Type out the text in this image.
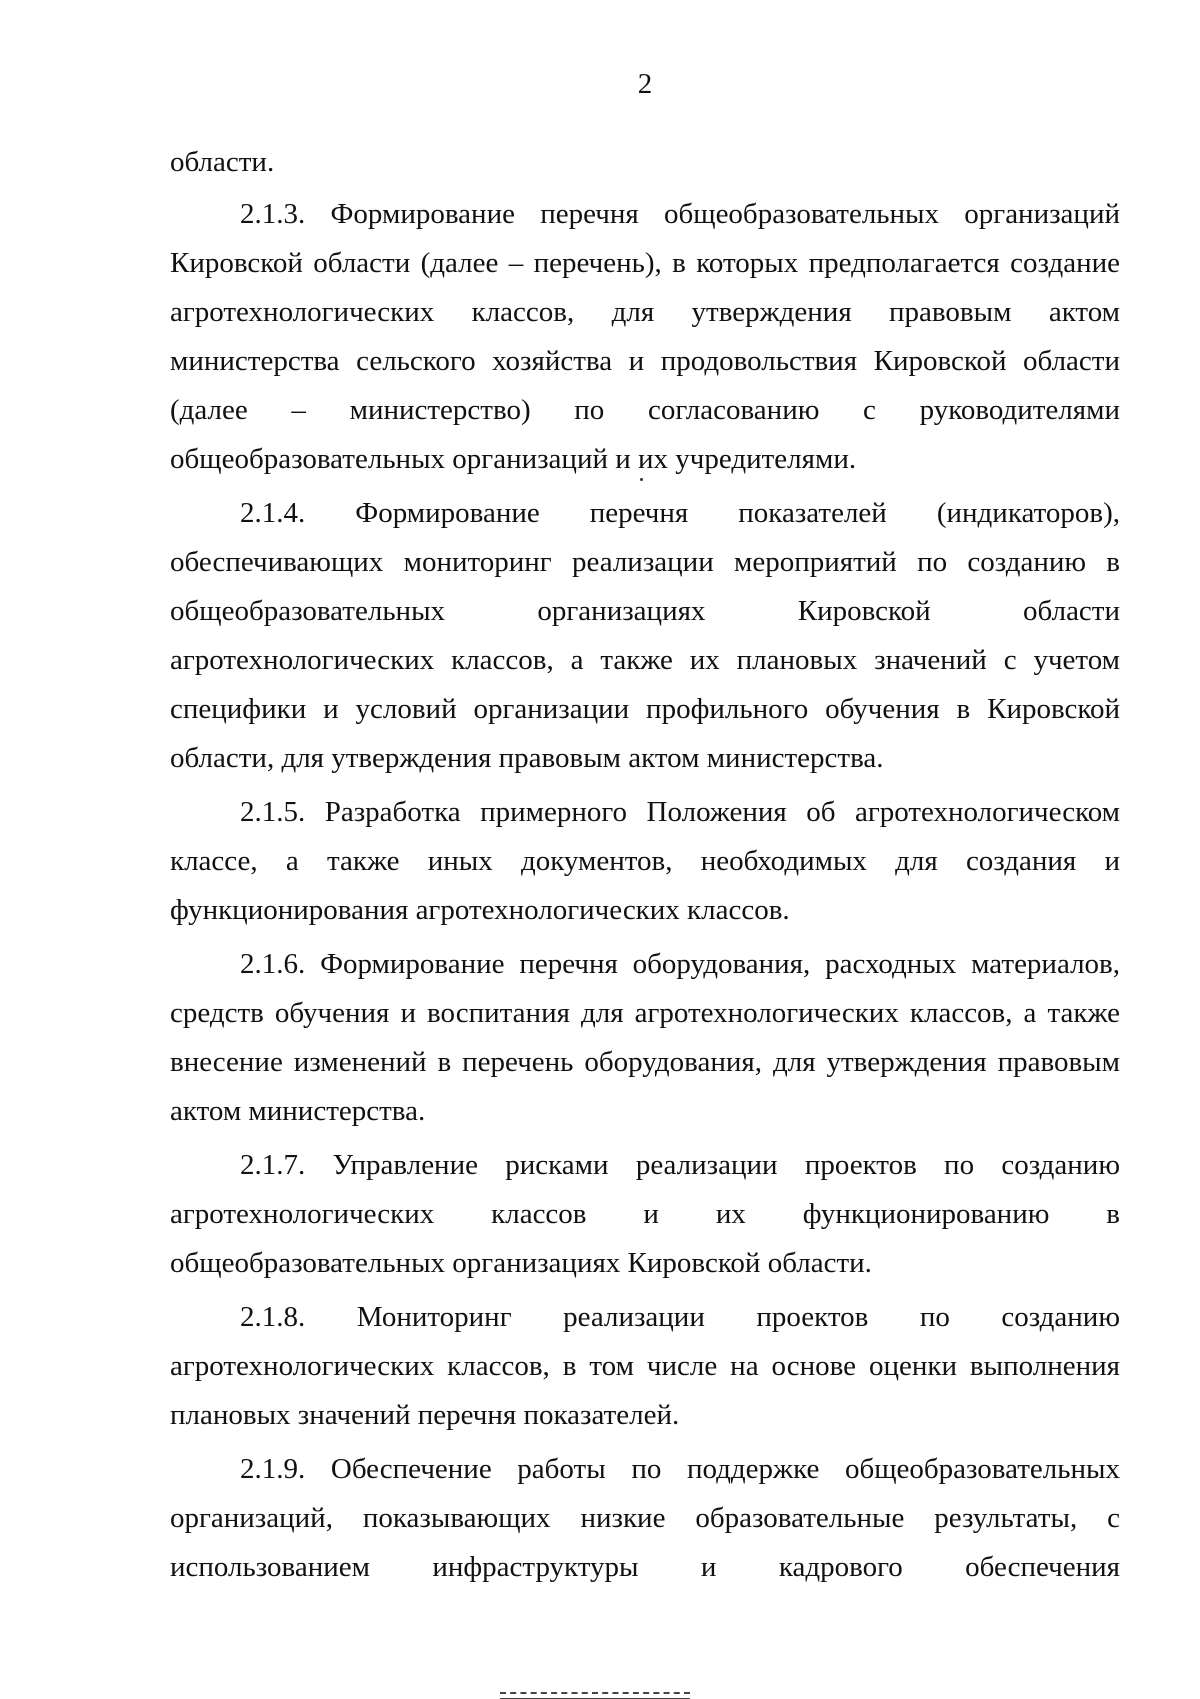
2

области.

2.1.3. Формирование перечня общеобразовательных организаций Кировской области (далее – перечень), в которых предполагается создание агротехнологических классов, для утверждения правовым актом министерства сельского хозяйства и продовольствия Кировской области (далее – министерство) по согласованию с руководителями общеобразовательных организаций и их учредителями.

2.1.4. Формирование перечня показателей (индикаторов), обеспечивающих мониторинг реализации мероприятий по созданию в общеобразовательных организациях Кировской области агротехнологических классов, а также их плановых значений с учетом специфики и условий организации профильного обучения в Кировской области, для утверждения правовым актом министерства.

2.1.5. Разработка примерного Положения об агротехнологическом классе, а также иных документов, необходимых для создания и функционирования агротехнологических классов.

2.1.6. Формирование перечня оборудования, расходных материалов, средств обучения и воспитания для агротехнологических классов, а также внесение изменений в перечень оборудования, для утверждения правовым актом министерства.

2.1.7. Управление рисками реализации проектов по созданию агротехнологических классов и их функционированию в общеобразовательных организациях Кировской области.

2.1.8. Мониторинг реализации проектов по созданию агротехнологических классов, в том числе на основе оценки выполнения плановых значений перечня показателей.

2.1.9. Обеспечение работы по поддержке общеобразовательных организаций, показывающих низкие образовательные результаты, с использованием инфраструктуры и кадрового обеспечения
